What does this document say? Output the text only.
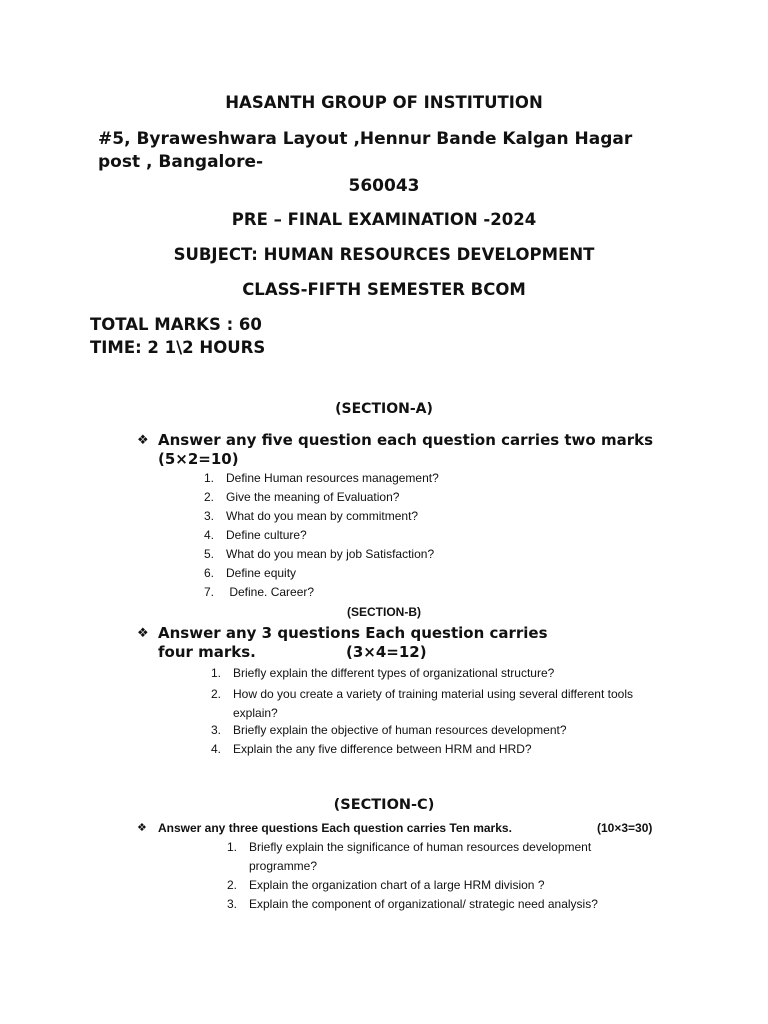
HASANTH GROUP OF INSTITUTION
#5, Byraweshwara Layout ,Hennur Bande Kalgan Hagar
post , Bangalore-
560043
PRE – FINAL EXAMINATION -2024
SUBJECT: HUMAN RESOURCES DEVELOPMENT
CLASS-FIFTH SEMESTER BCOM
TOTAL MARKS : 60
TIME: 2 1\2 HOURS
(SECTION-A)
❖ Answer any five question each question carries two marks
(5×2=10)
1. Define Human resources management?
2. Give the meaning of Evaluation?
3. What do you mean by commitment?
4. Define culture?
5. What do you mean by job Satisfaction?
6. Define equity
7. Define. Career?
(SECTION-B)
❖ Answer any 3 questions Each question carries
four marks.	(3×4=12)
1. Briefly explain the different types of organizational structure?
2. How do you create a variety of training material using several different tools explain?
3. Briefly explain the objective of human resources development?
4. Explain the any five difference between HRM and HRD?
(SECTION-C)
❖ Answer any three questions Each question carries Ten marks.	(10×3=30)
1. Briefly explain the significance of human resources development programme?
2. Explain the organization chart of a large HRM division ?
3. Explain the component of organizational/ strategic need analysis?
